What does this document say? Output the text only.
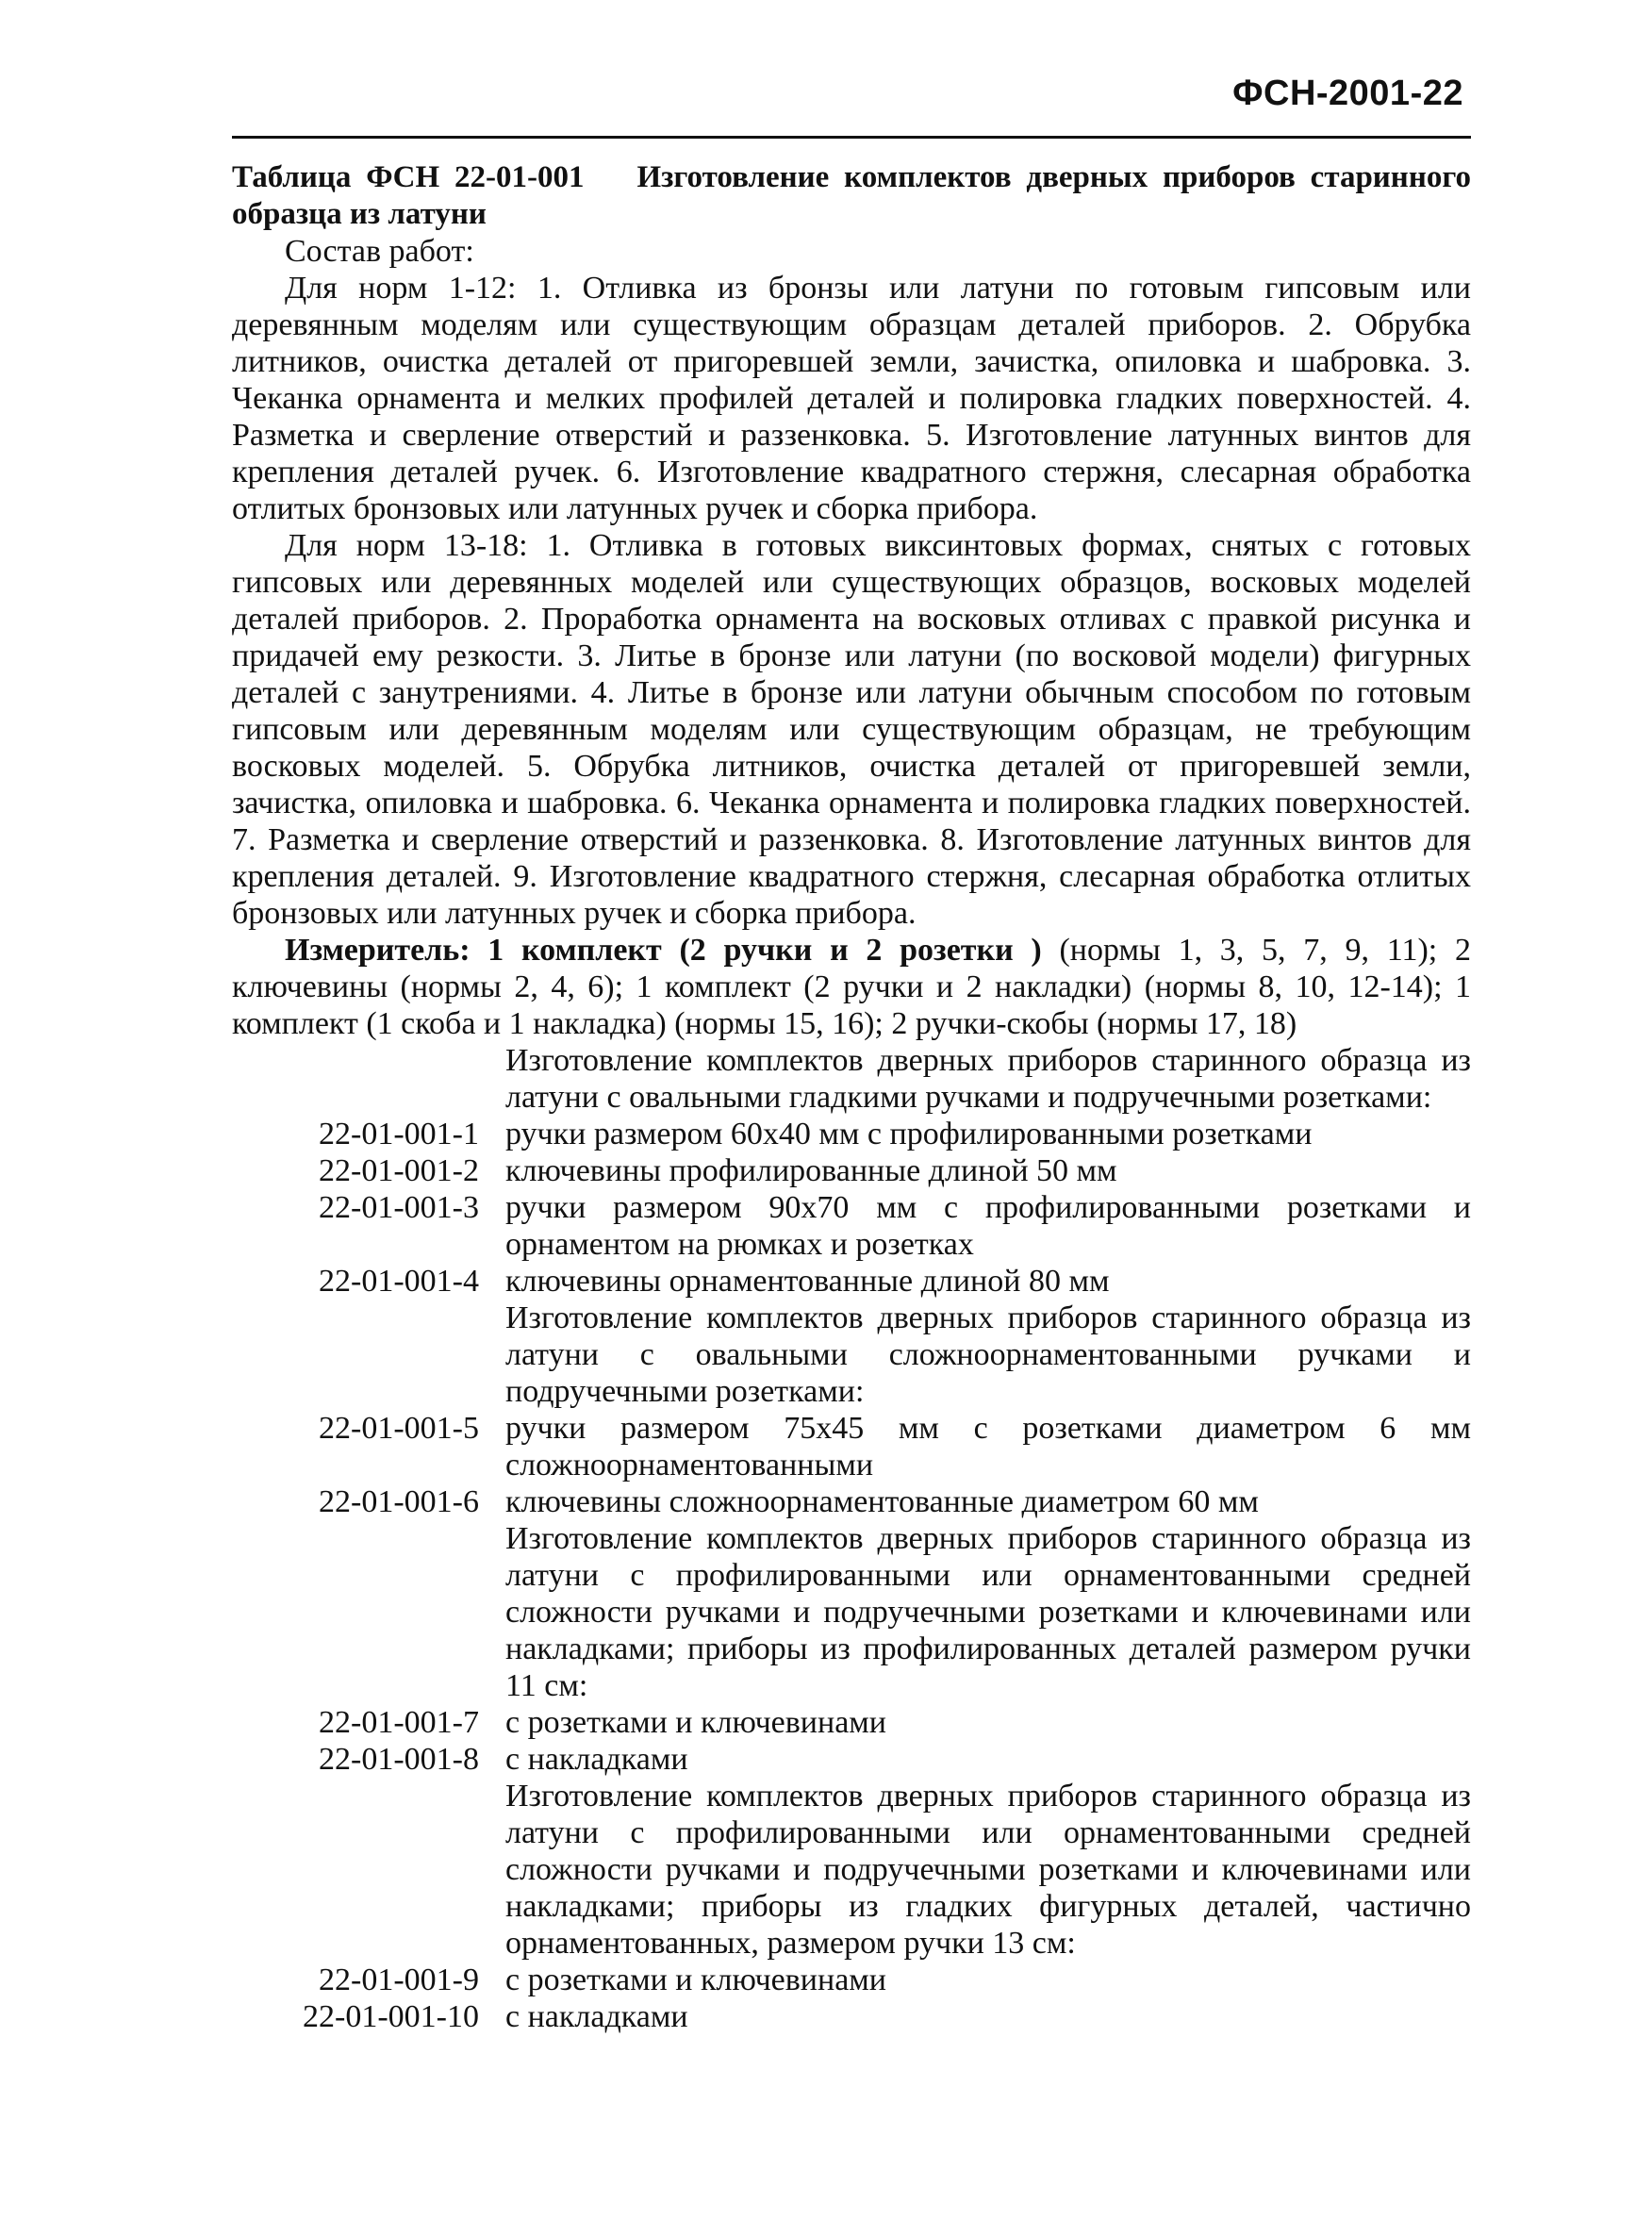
ФСН-2001-22
Таблица ФСН 22-01-001 Изготовление комплектов дверных приборов старинного образца из латуни

Состав работ:

Для норм 1-12: 1. Отливка из бронзы или латуни по готовым гипсовым или деревянным моделям или существующим образцам деталей приборов. 2. Обрубка литников, очистка деталей от пригоревшей земли, зачистка, опиловка и шабровка. 3. Чеканка орнамента и мелких профилей деталей и полировка гладких поверхностей. 4. Разметка и сверление отверстий и раззенковка. 5. Изготовление латунных винтов для крепления деталей ручек. 6. Изготовление квадратного стержня, слесарная обработка отлитых бронзовых или латунных ручек и сборка прибора.

Для норм 13-18: 1. Отливка в готовых виксинтовых формах, снятых с готовых гипсовых или деревянных моделей или существующих образцов, восковых моделей деталей приборов. 2. Проработка орнамента на восковых отливах с правкой рисунка и придачей ему резкости. 3. Литье в бронзе или латуни (по восковой модели) фигурных деталей с занутрениями. 4. Литье в бронзе или латуни обычным способом по готовым гипсовым или деревянным моделям или существующим образцам, не требующим восковых моделей. 5. Обрубка литников, очистка деталей от пригоревшей земли, зачистка, опиловка и шабровка. 6. Чеканка орнамента и полировка гладких поверхностей. 7. Разметка и сверление отверстий и раззенковка. 8. Изготовление латунных винтов для крепления деталей. 9. Изготовление квадратного стержня, слесарная обработка отлитых бронзовых или латунных ручек и сборка прибора.

Измеритель: 1 комплект (2 ручки и 2 розетки ) (нормы 1, 3, 5, 7, 9, 11); 2 ключевины (нормы 2, 4, 6); 1 комплект (2 ручки и 2 накладки) (нормы 8, 10, 12-14); 1 комплект (1 скоба и 1 накладка) (нормы 15, 16); 2 ручки-скобы (нормы 17, 18)

Изготовление комплектов дверных приборов старинного образца из латуни с овальными гладкими ручками и подручечными розетками:
22-01-001-1 ручки размером 60х40 мм с профилированными розетками
22-01-001-2 ключевины профилированные длиной 50 мм
22-01-001-3 ручки размером 90х70 мм с профилированными розетками и орнаментом на рюмках и розетках
22-01-001-4 ключевины орнаментованные длиной 80 мм
Изготовление комплектов дверных приборов старинного образца из латуни с овальными сложноорнаментованными ручками и подручечными розетками:
22-01-001-5 ручки размером 75х45 мм с розетками диаметром 6 мм сложноорнаментованными
22-01-001-6 ключевины сложноорнаментованные диаметром 60 мм
Изготовление комплектов дверных приборов старинного образца из латуни с профилированными или орнаментованными средней сложности ручками и подручечными розетками и ключевинами или накладками; приборы из профилированных деталей размером ручки 11 см:
22-01-001-7 с розетками и ключевинами
22-01-001-8 с накладками
Изготовление комплектов дверных приборов старинного образца из латуни с профилированными или орнаментованными средней сложности ручками и подручечными розетками и ключевинами или накладками; приборы из гладких фигурных деталей, частично орнаментованных, размером ручки 13 см:
22-01-001-9 с розетками и ключевинами
22-01-001-10 с накладками
